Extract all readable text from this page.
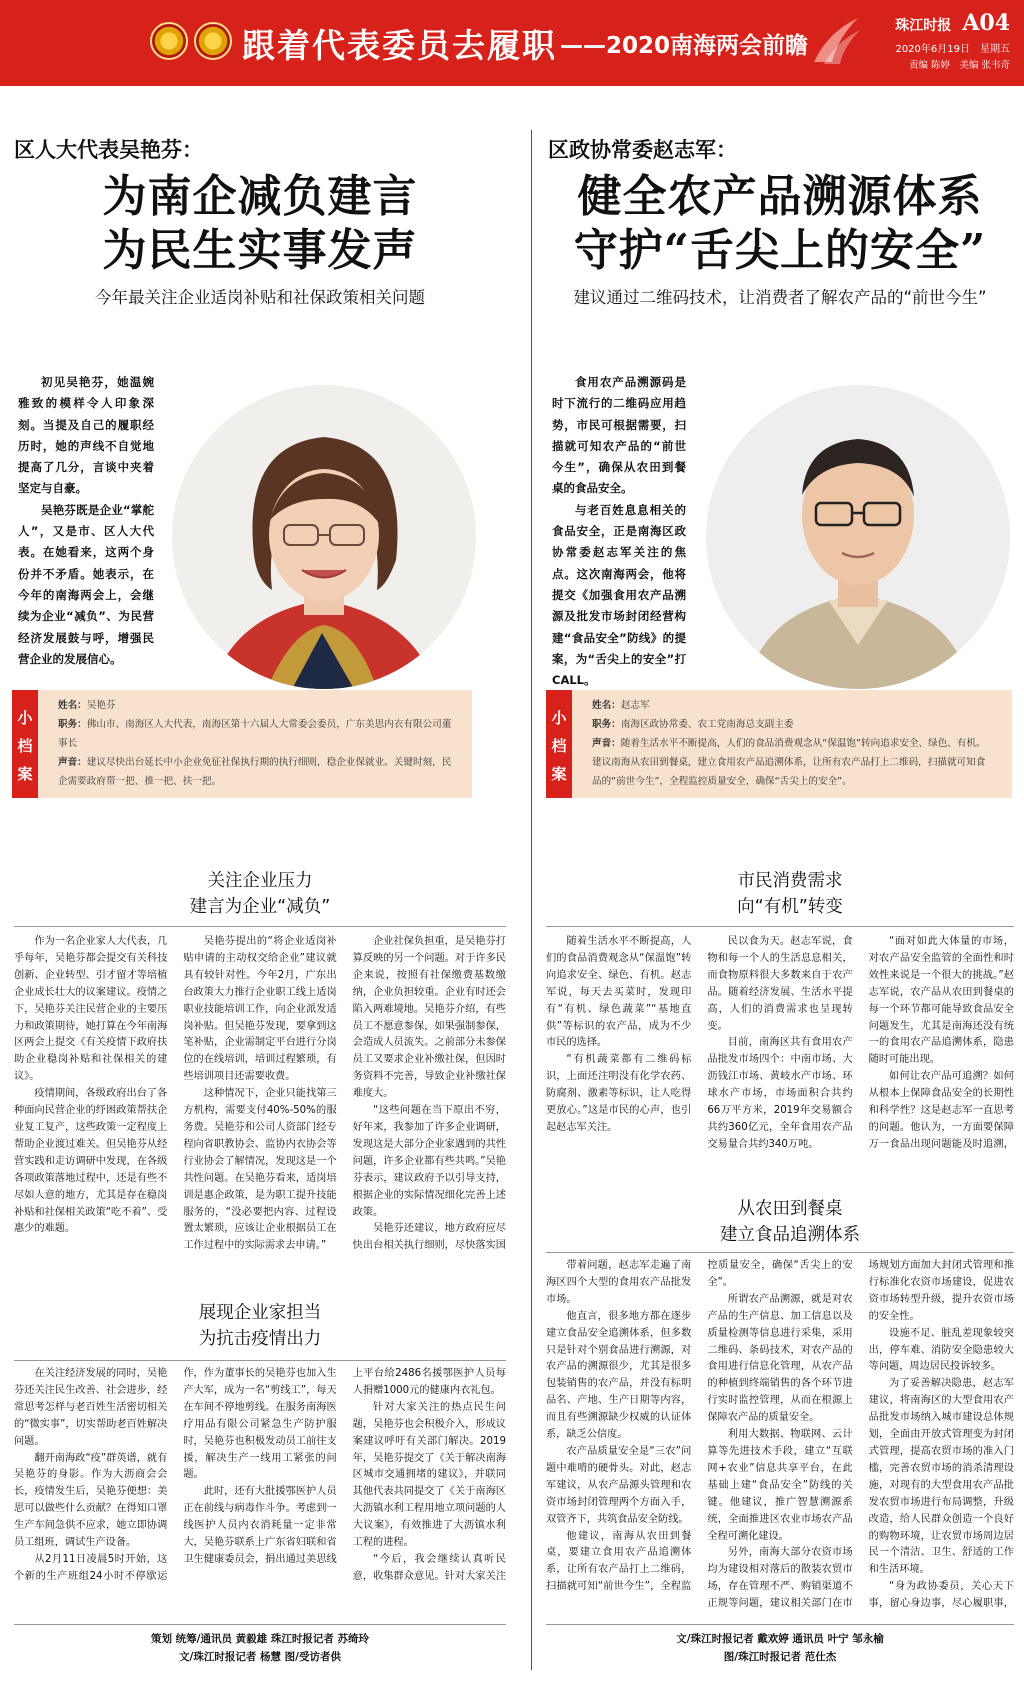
跟着代表委员去履职 ——2020南海两会前瞻
珠江时报 A04
2020年6月19日　星期五
责编 陈婷　美编 张韦奇
区人大代表吴艳芬：
为南企减负建言
为民生实事发声
今年最关注企业适岗补贴和社保政策相关问题

初见吴艳芬，她温婉雅致的模样令人印象深刻。当提及自己的履职经历时，她的声线不自觉地提高了几分，言谈中夹着坚定与自豪。

吴艳芬既是企业“掌舵人”，又是市、区人大代表。在她看来，这两个身份并不矛盾。她表示，在今年的南海两会上，会继续为企业“减负”、为民营经济发展鼓与呼，增强民营企业的发展信心。

小档案
姓名：吴艳芬
职务：佛山市、南海区人大代表，南海区第十六届人大常委会委员，广东美思内衣有限公司董事长
声音：建议尽快出台延长中小企业免征社保执行期的执行细则，稳企业保就业。关键时刻，民企需要政府帮一把、推一把、扶一把。
关注企业压力
建言为企业“减负”

作为一名企业家人大代表，几乎每年，吴艳芬都会提交有关科技创新、企业转型、引才留才等培植企业成长壮大的议案建议。疫情之下，吴艳芬关注民营企业的主要压力和政策期待，她打算在今年南海区两会上提交《有关疫情下政府扶助企业稳岗补贴和社保相关的建议》。

疫情期间，各级政府出台了各种面向民营企业的纾困政策帮扶企业复工复产，这些政策一定程度上帮助企业渡过难关。但吴艳芬从经营实践和走访调研中发现，在各级各项政策落地过程中，还是有些不尽如人意的地方，尤其是存在稳岗补贴和社保相关政策“吃不着”、受惠少的难题。

吴艳芬提出的“将企业适岗补贴申请的主动权交给企业”建议就具有较针对性。今年2月，广东出台政策大力推行企业职工线上适岗职业技能培训工作，向企业派发适岗补贴。但吴艳芬发现，要拿到这笔补贴，企业需制定平台进行分岗位的在线培训，培训过程繁琐，有些培训项目还需要收费。

这种情况下，企业只能找第三方机构，需要支付40%-50%的服务费。吴艳芬和公司人资部门经专程向省职教协会、监协内衣协会等行业协会了解情况，发现这是一个共性问题。在吴艳芬看来，适岗培训是惠企政策，是为职工提升技能服务的，“没必要把内容、过程设置太繁琐，应该让企业根据员工在工作过程中的实际需求去申请。”

企业社保负担重，是吴艳芬打算反映的另一个问题。对于许多民企来说，按照有社保缴费基数缴纳，企业负担较重。企业有时还会陷入两难境地。吴艳芬介绍，有些员工不愿意参保，如果强制参保，会造成人员流失。之前部分未参保员工又要求企业补缴社保，但因时务资料不完善，导致企业补缴社保难度大。

“这些问题在当下原出不穷，好年来，我参加了许多企业调研，发现这是大部分企业家遇到的共性问题，许多企业都有些共鸣。”吴艳芬表示，建议政府予以引导支持，根据企业的实际情况细化完善上述政策。

吴艳芬还建议，地方政府应尽快出台相关执行细则，尽快落实国

展现企业家担当
为抗击疫情出力

在关注经济发展的同时，吴艳芬还关注民生改善、社会进步，经常思考怎样与老百姓生活密切相关的“微实事”，切实帮助老百姓解决问题。

翻开南海政“疫”群英谱，就有吴艳芬的身影。作为大沥商会会长，疫情发生后，吴艳芬便想：美思可以做些什么贡献？在得知口罩生产车间急供不应求，她立即协调员工组班，调试生产设备。

从2月11日凌晨5时开始，这个新的生产班组24小时不停歇运作，作为董事长的吴艳芬也加入生产大军，成为一名“剪线工”，每天在车间不停地剪线。在服务南海医疗用品有限公司紧急生产防护服时，吴艳芬也积极发动员工前往支援，解决生产一线用工紧张的问题。

此时，还有大批援鄂医护人员正在前线与病毒作斗争。考虑到一线医护人员内衣消耗量一定非常大，吴艳芬联系上广东省妇联和省卫生健康委员会，捐出通过美思线上平台给2486名援鄂医护人员每人捐赠1000元的健康内衣礼包。

针对大家关注的热点民生问题，吴艳芬也会积极介入，形成议案建议呼吁有关部门解决。2019年，吴艳芬提交了《关于解决南海区城市交通拥堵的建议》，并联同其他代表共同提交了《关于南海区大沥镇水利工程用地立项问题的人大议案》，有效推进了大沥镇水利工程的进程。

“今后，我会继续认真听民意，收集群众意见。针对大家关注

策划 统筹/通讯员 黄毅雄 珠江时报记者 苏绮玲
文/珠江时报记者 杨慧 图/受访者供
区政协常委赵志军：
健全农产品溯源体系
守护“舌尖上的安全”
建议通过二维码技术，让消费者了解农产品的“前世今生”

食用农产品溯源码是时下流行的二维码应用趋势，市民可根据需要，扫描就可知农产品的“前世今生”，确保从农田到餐桌的食品安全。

与老百姓息息相关的食品安全，正是南海区政协常委赵志军关注的焦点。这次南海两会，他将提交《加强食用农产品溯源及批发市场封闭经营构建“食品安全”防线》的提案，为“舌尖上的安全”打CALL。

小档案
姓名：赵志军
职务：南海区政协常委、农工党南海总支副主委
声音：随着生活水平不断提高，人们的食品消费观念从“保温饱”转向追求安全、绿色、有机。建议南海从农田到餐桌，建立食用农产品追溯体系，让所有农产品打上二维码，扫描就可知食品的“前世今生”，全程监控质量安全，确保“舌尖上的安全”。
市民消费需求
向“有机”转变

随着生活水平不断提高，人们的食品消费观念从“保温饱”转向追求安全、绿色、有机。赵志军说，每天去买菜时，发现印有“有机、绿色蔬菜”“基地直供”等标识的农产品，成为不少市民的选择。

“有机蔬菜都有二维码标识，上面还注明没有化学农药、防腐剂、激素等标识，让人吃得更放心。”这是市民的心声，也引起赵志军关注。

民以食为天。赵志军说，食物和每一个人的生活息息相关，而食物原料很大多数来自于农产品。随着经济发展、生活水平提高，人们的消费需求也呈现转变。

目前，南海区共有食用农产品批发市场四个：中南市场、大沥钱江市场、黄岐水产市场、环球水产市场，市场面积合共约66万平方米，2019年交易额合共约360亿元，全年食用农产品交易量合共约340万吨。

“面对如此大体量的市场，对农产品安全监管的全面性和时效性来说是一个很大的挑战。”赵志军说，农产品从农田到餐桌的每一个环节都可能导致食品安全问题发生，尤其是南海还没有统一的食用农产品追溯体系，隐患随时可能出现。

如何让农产品可追溯？如何从根本上保障食品安全的长期性和科学性？这是赵志军一直思考的问题。他认为，一方面要保障万一食品出现问题能及时追溯，

从农田到餐桌
建立食品追溯体系

带着问题，赵志军走遍了南海区四个大型的食用农产品批发市场。

他直言，很多地方都在逐步建立食品安全追溯体系，但多数只是针对个别食品进行溯源，对农产品的溯源很少，尤其是很多包装销售的农产品，并没有标明品名、产地、生产日期等内容，而且有些溯源缺少权威的认证体系，缺乏公信度。

农产品质量安全是“三农”问题中难啃的硬骨头。对此，赵志军建议，从农产品源头管理和农资市场封闭管理两个方面入手，双管齐下，共筑食品安全防线。

他建议，南海从农田到餐桌，要建立食用农产品追溯体系，让所有农产品打上二维码，扫描就可知“前世今生”，全程监控质量安全，确保“舌尖上的安全”。

所谓农产品溯源，就是对农产品的生产信息、加工信息以及质量检测等信息进行采集，采用二维码、条码技术，对农产品的食用进行信息化管理，从农产品的种植到终端销售的各个环节进行实时监控管理，从而在根源上保障农产品的质量安全。

利用大数据、物联网、云计算等先进技术手段，建立“互联网+农业”信息共享平台，在此基础上建“食品安全”防线的关键。他建议，推广智慧溯源系统，全面推进区农业市场农产品全程可溯化建设。

另外，南海大部分农资市场均为建设相对落后的散装农贸市场，存在管理不严、购销渠道不正规等问题，建议相关部门在市场规划方面加大封闭式管理和推行标准化农资市场建设，促进农资市场转型升级，提升农资市场的安全性。

设施不足、脏乱差现象较突出，停车难、消防安全隐患较大等问题，周边居民投诉较多。

为了妥善解决隐患，赵志军建议，将南海区的大型食用农产品批发市场纳入城市建设总体规划，全面由开放式管理变为封闭式管理，提高农贸市场的准入门槛，完善农贸市场的消杀清理设施，对现有的大型食用农产品批发农贸市场进行布局调整，升级改造，给人民群众创造一个良好的购物环境，让农贸市场周边居民一个清洁、卫生、舒适的工作和生活环境。

“身为政协委员，关心天下事，留心身边事，尽心履职事，

文/珠江时报记者 戴欢婷 通讯员 叶宁 邹永榆
图/珠江时报记者 范仕杰
